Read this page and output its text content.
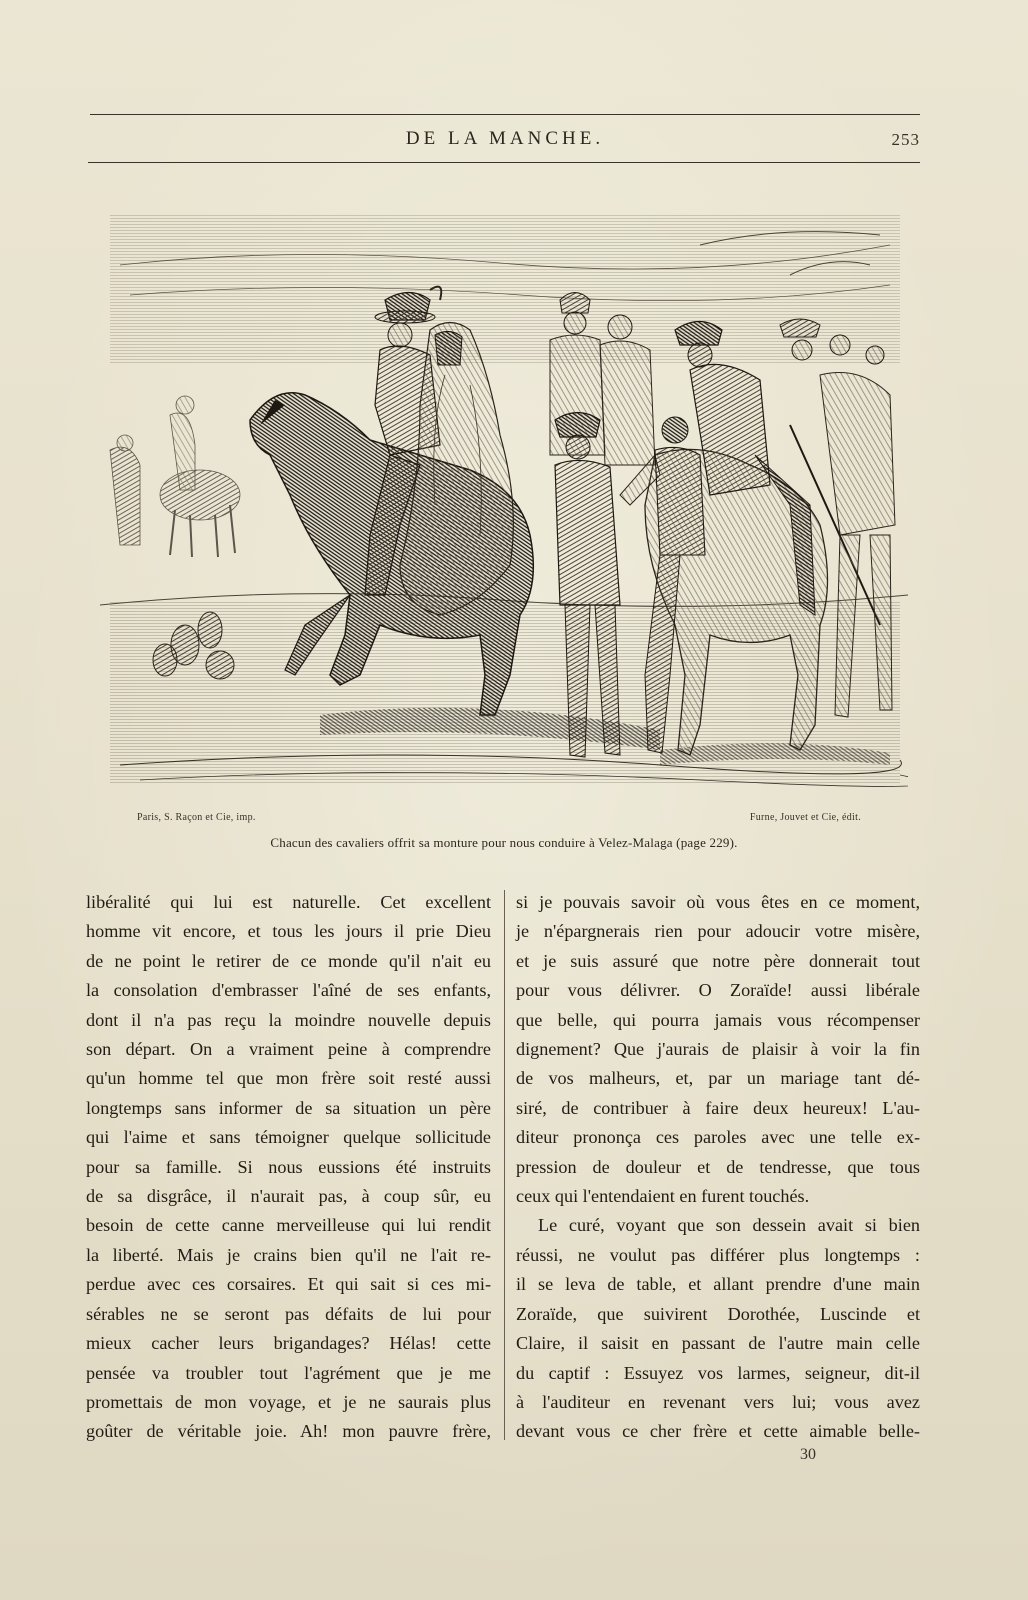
DE LA MANCHE.	253
Paris, S. Raçon et Cie, imp.	Furne, Jouvet et Cie, édit.
Chacun des cavaliers offrit sa monture pour nous conduire à Velez-Malaga (page 229).

libéralité qui lui est naturelle. Cet excellent
homme vit encore, et tous les jours il prie Dieu
de ne point le retirer de ce monde qu'il n'ait eu
la consolation d'embrasser l'aîné de ses enfants,
dont il n'a pas reçu la moindre nouvelle depuis
son départ. On a vraiment peine à comprendre
qu'un homme tel que mon frère soit resté aussi
longtemps sans informer de sa situation un père
qui l'aime et sans témoigner quelque sollicitude
pour sa famille. Si nous eussions été instruits
de sa disgrâce, il n'aurait pas, à coup sûr, eu
besoin de cette canne merveilleuse qui lui rendit
la liberté. Mais je crains bien qu'il ne l'ait re-
perdue avec ces corsaires. Et qui sait si ces mi-
sérables ne se seront pas défaits de lui pour
mieux cacher leurs brigandages? Hélas! cette
pensée va troubler tout l'agrément que je me
promettais de mon voyage, et je ne saurais plus
goûter de véritable joie. Ah! mon pauvre frère,

si je pouvais savoir où vous êtes en ce moment,
je n'épargnerais rien pour adoucir votre misère,
et je suis assuré que notre père donnerait tout
pour vous délivrer. O Zoraïde! aussi libérale
que belle, qui pourra jamais vous récompenser
dignement? Que j'aurais de plaisir à voir la fin
de vos malheurs, et, par un mariage tant dé-
siré, de contribuer à faire deux heureux! L'au-
diteur prononça ces paroles avec une telle ex-
pression de douleur et de tendresse, que tous
ceux qui l'entendaient en furent touchés.

Le curé, voyant que son dessein avait si bien
réussi, ne voulut pas différer plus longtemps :
il se leva de table, et allant prendre d'une main
Zoraïde, que suivirent Dorothée, Luscinde et
Claire, il saisit en passant de l'autre main celle
du captif : Essuyez vos larmes, seigneur, dit-il
à l'auditeur en revenant vers lui; vous avez
devant vous ce cher frère et cette aimable belle-

30
